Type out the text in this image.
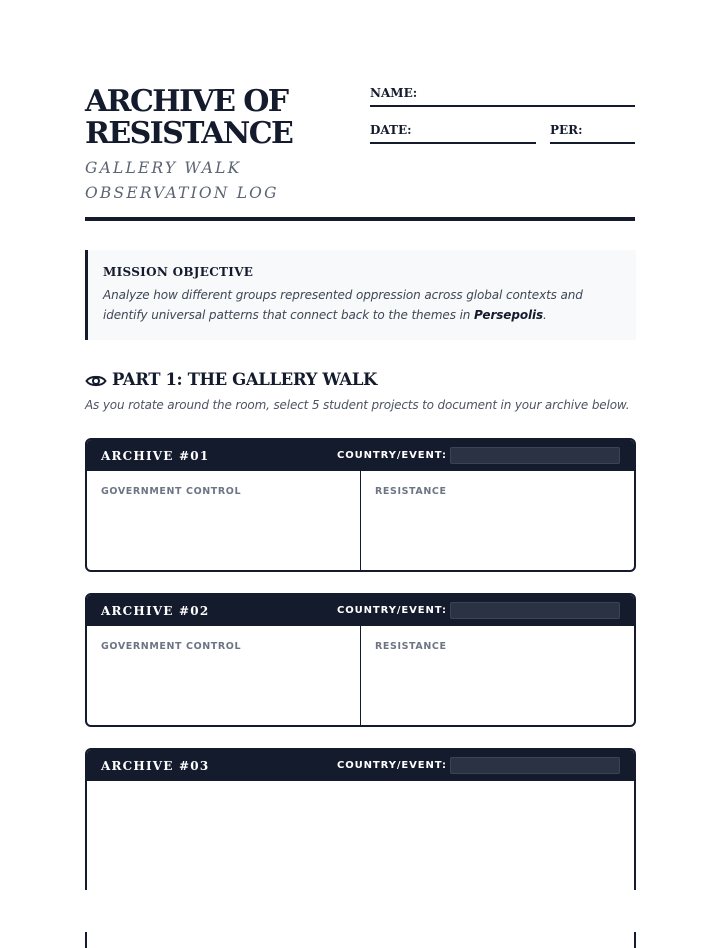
ARCHIVE OF
RESISTANCE

GALLERY WALK OBSERVATION LOG

NAME:
DATE:	PER:
MISSION OBJECTIVE
Analyze how different groups represented oppression across global contexts and identify universal patterns that connect back to the themes in Persepolis.
PART 1: THE GALLERY WALK
As you rotate around the room, select 5 student projects to document in your archive below.
ARCHIVE #01	COUNTRY/EVENT:
GOVERNMENT CONTROL	RESISTANCE
ARCHIVE #02	COUNTRY/EVENT:
GOVERNMENT CONTROL	RESISTANCE
ARCHIVE #03	COUNTRY/EVENT:
